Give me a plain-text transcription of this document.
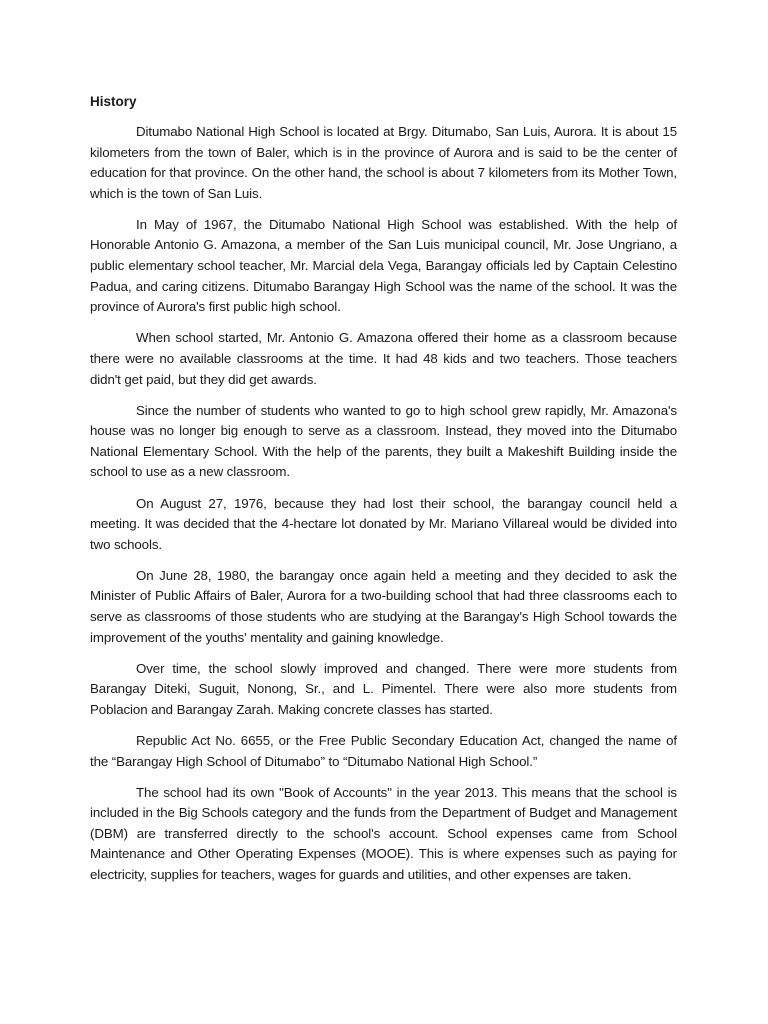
History

Ditumabo National High School is located at Brgy. Ditumabo, San Luis, Aurora. It is about 15 kilometers from the town of Baler, which is in the province of Aurora and is said to be the center of education for that province. On the other hand, the school is about 7 kilometers from its Mother Town, which is the town of San Luis.

In May of 1967, the Ditumabo National High School was established. With the help of Honorable Antonio G. Amazona, a member of the San Luis municipal council, Mr. Jose Ungriano, a public elementary school teacher, Mr. Marcial dela Vega, Barangay officials led by Captain Celestino Padua, and caring citizens. Ditumabo Barangay High School was the name of the school. It was the province of Aurora's first public high school.

When school started, Mr. Antonio G. Amazona offered their home as a classroom because there were no available classrooms at the time. It had 48 kids and two teachers. Those teachers didn't get paid, but they did get awards.

Since the number of students who wanted to go to high school grew rapidly, Mr. Amazona's house was no longer big enough to serve as a classroom. Instead, they moved into the Ditumabo National Elementary School. With the help of the parents, they built a Makeshift Building inside the school to use as a new classroom.

On August 27, 1976, because they had lost their school, the barangay council held a meeting. It was decided that the 4-hectare lot donated by Mr. Mariano Villareal would be divided into two schools.

On June 28, 1980, the barangay once again held a meeting and they decided to ask the Minister of Public Affairs of Baler, Aurora for a two-building school that had three classrooms each to serve as classrooms of those students who are studying at the Barangay's High School towards the improvement of the youths' mentality and gaining knowledge.

Over time, the school slowly improved and changed. There were more students from Barangay Diteki, Suguit, Nonong, Sr., and L. Pimentel. There were also more students from Poblacion and Barangay Zarah. Making concrete classes has started.

Republic Act No. 6655, or the Free Public Secondary Education Act, changed the name of the “Barangay High School of Ditumabo” to “Ditumabo National High School.”

The school had its own "Book of Accounts" in the year 2013. This means that the school is included in the Big Schools category and the funds from the Department of Budget and Management (DBM) are transferred directly to the school's account. School expenses came from School Maintenance and Other Operating Expenses (MOOE). This is where expenses such as paying for electricity, supplies for teachers, wages for guards and utilities, and other expenses are taken.
